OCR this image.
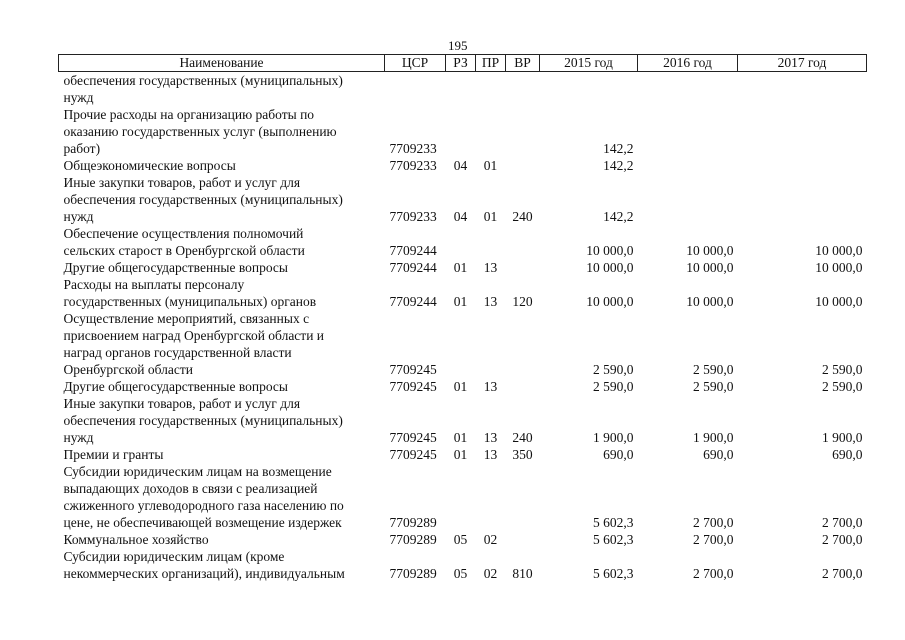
195
Наименование	ЦСР	РЗ	ПР	ВР	2015 год	2016 год	2017 год

обеспечения государственных (муниципальных)
нужд							

Прочие расходы на организацию работы по
оказанию государственных услуг (выполнению
работ)	7709233				142,2		

Общеэкономические вопросы	7709233	04	01		142,2		

Иные закупки товаров, работ и услуг для
обеспечения государственных (муниципальных)
нужд	7709233	04	01	240	142,2		

Обеспечение осуществления полномочий
сельских старост в Оренбургской области	7709244				10 000,0	10 000,0	10 000,0

Другие общегосударственные вопросы	7709244	01	13		10 000,0	10 000,0	10 000,0

Расходы на выплаты персоналу
государственных (муниципальных) органов	7709244	01	13	120	10 000,0	10 000,0	10 000,0

Осуществление мероприятий, связанных с
присвоением наград Оренбургской области и
наград органов государственной власти
Оренбургской области	7709245				2 590,0	2 590,0	2 590,0

Другие общегосударственные вопросы	7709245	01	13		2 590,0	2 590,0	2 590,0

Иные закупки товаров, работ и услуг для
обеспечения государственных (муниципальных)
нужд	7709245	01	13	240	1 900,0	1 900,0	1 900,0

Премии и гранты	7709245	01	13	350	690,0	690,0	690,0

Субсидии юридическим лицам на возмещение
выпадающих доходов в связи с реализацией
сжиженного углеводородного газа населению по
цене, не обеспечивающей возмещение издержек	7709289				5 602,3	2 700,0	2 700,0

Коммунальное хозяйство	7709289	05	02		5 602,3	2 700,0	2 700,0

Субсидии юридическим лицам (кроме
некоммерческих организаций), индивидуальным	7709289	05	02	810	5 602,3	2 700,0	2 700,0
